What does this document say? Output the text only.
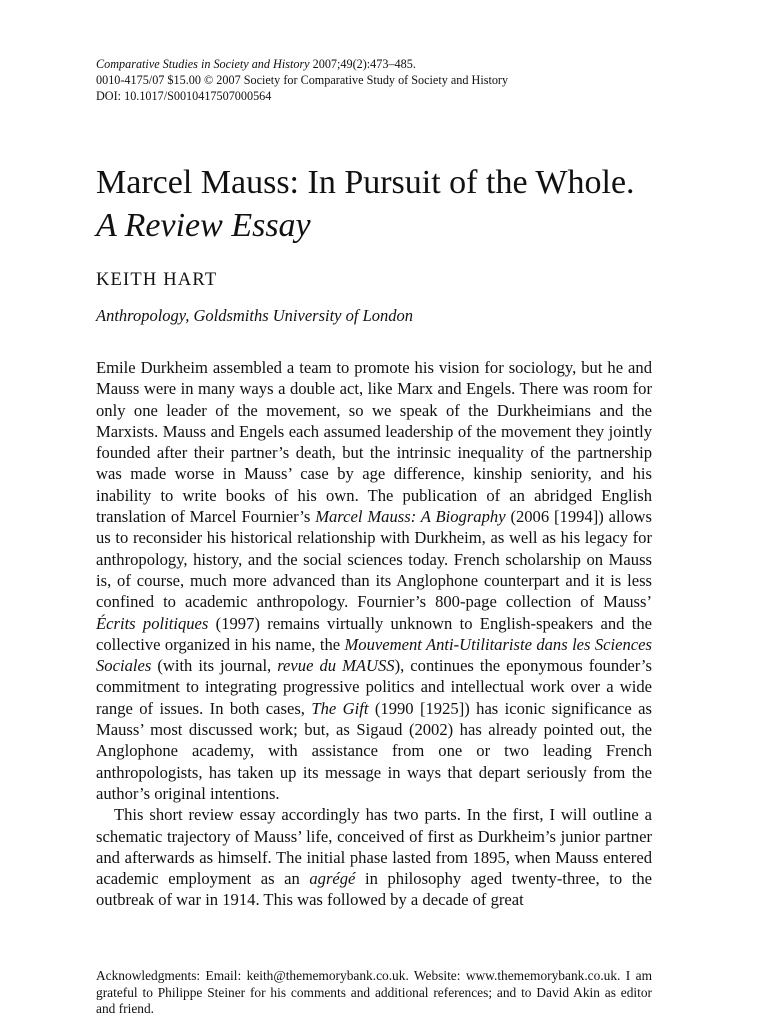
Comparative Studies in Society and History 2007;49(2):473–485.
0010-4175/07 $15.00 © 2007 Society for Comparative Study of Society and History
DOI: 10.1017/S0010417507000564
Marcel Mauss: In Pursuit of the Whole.
A Review Essay
KEITH HART
Anthropology, Goldsmiths University of London

Emile Durkheim assembled a team to promote his vision for sociology, but he and Mauss were in many ways a double act, like Marx and Engels. There was room for only one leader of the movement, so we speak of the Durkheimians and the Marxists. Mauss and Engels each assumed leadership of the movement they jointly founded after their partner’s death, but the intrinsic inequality of the partnership was made worse in Mauss’ case by age difference, kinship seniority, and his inability to write books of his own. The publication of an abridged English translation of Marcel Fournier’s Marcel Mauss: A Biography (2006 [1994]) allows us to reconsider his historical relationship with Durkheim, as well as his legacy for anthropology, history, and the social sciences today. French scholarship on Mauss is, of course, much more advanced than its Anglophone counterpart and it is less confined to academic anthropology. Fournier’s 800-page collection of Mauss’ Écrits politiques (1997) remains virtually unknown to English-speakers and the collective organized in his name, the Mouvement Anti-Utilitariste dans les Sciences Sociales (with its journal, revue du MAUSS), continues the eponymous founder’s commitment to integrating progressive politics and intellectual work over a wide range of issues. In both cases, The Gift (1990 [1925]) has iconic significance as Mauss’ most discussed work; but, as Sigaud (2002) has already pointed out, the Anglophone academy, with assistance from one or two leading French anthropologists, has taken up its message in ways that depart seriously from the author’s original intentions.

This short review essay accordingly has two parts. In the first, I will outline a schematic trajectory of Mauss’ life, conceived of first as Durkheim’s junior partner and afterwards as himself. The initial phase lasted from 1895, when Mauss entered academic employment as an agrégé in philosophy aged twenty-three, to the outbreak of war in 1914. This was followed by a decade of great

Acknowledgments: Email: keith@thememorybank.co.uk. Website: www.thememorybank.co.uk. I am grateful to Philippe Steiner for his comments and additional references; and to David Akin as editor and friend.
